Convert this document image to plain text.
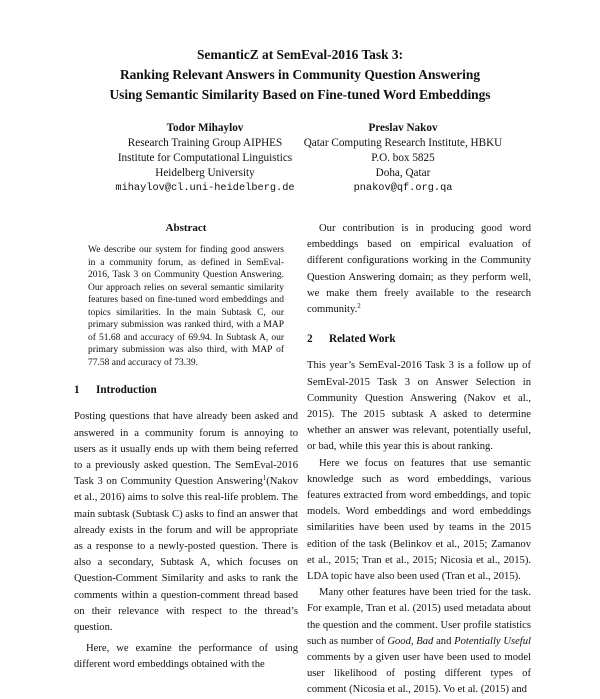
SemanticZ at SemEval-2016 Task 3:
Ranking Relevant Answers in Community Question Answering
Using Semantic Similarity Based on Fine-tuned Word Embeddings
Todor Mihaylov
Research Training Group AIPHES
Institute for Computational Linguistics
Heidelberg University
mihaylov@cl.uni-heidelberg.de
Preslav Nakov
Qatar Computing Research Institute, HBKU
P.O. box 5825
Doha, Qatar
pnakov@qf.org.qa
Abstract

We describe our system for finding good answers in a community forum, as defined in SemEval-2016, Task 3 on Community Question Answering. Our approach relies on several semantic similarity features based on fine-tuned word embeddings and topics similarities. In the main Subtask C, our primary submission was ranked third, with a MAP of 51.68 and accuracy of 69.94. In Subtask A, our primary submission was also third, with MAP of 77.58 and accuracy of 73.39.

1 Introduction

Posting questions that have already been asked and answered in a community forum is annoying to users as it usually ends up with them being referred to a previously asked question. The SemEval-2016 Task 3 on Community Question Answering$^1$(Nakov et al., 2016) aims to solve this real-life problem. The main subtask (Subtask C) asks to find an answer that already exists in the forum and will be appropriate as a response to a newly-posted question. There is also a secondary, Subtask A, which focuses on Question-Comment Similarity and asks to rank the comments within a question-comment thread based on their relevance with respect to the thread’s question.

Here, we examine the performance of using different word embeddings obtained with the

Our contribution is in producing good word embeddings based on empirical evaluation of different configurations working in the Community Question Answering domain; as they perform well, we make them freely available to the research community.$^2$

2 Related Work

This year’s SemEval-2016 Task 3 is a follow up of SemEval-2015 Task 3 on Answer Selection in Community Question Answering (Nakov et al., 2015). The 2015 subtask A asked to determine whether an answer was relevant, potentially useful, or bad, while this year this is about ranking.

Here we focus on features that use semantic knowledge such as word embeddings, various features extracted from word embeddings, and topic models. Word embeddings and word embeddings similarities have been used by teams in the 2015 edition of the task (Belinkov et al., 2015; Zamanov et al., 2015; Tran et al., 2015; Nicosia et al., 2015). LDA topic have also been used (Tran et al., 2015).

Many other features have been tried for the task. For example, Tran et al. (2015) used metadata about the question and the comment. User profile statistics such as number of Good, Bad and Potentially Useful comments by a given user have been used to model user likelihood of posting different types of comment (Nicosia et al., 2015). Vo et al. (2015) and
